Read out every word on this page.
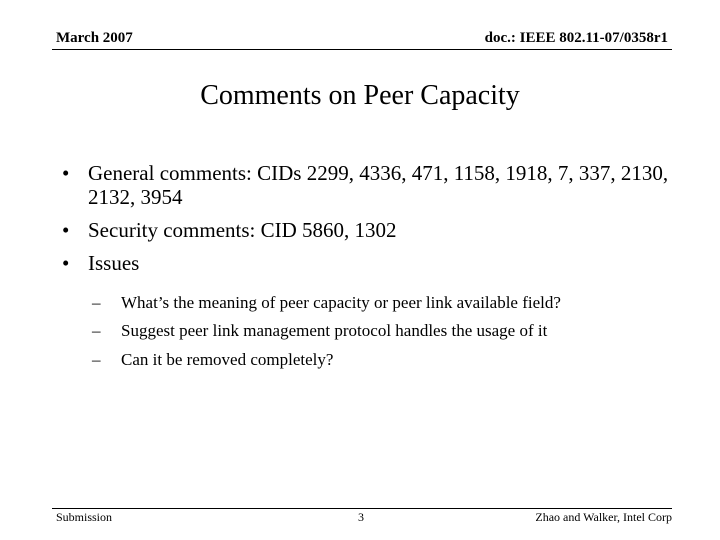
March 2007	doc.: IEEE 802.11-07/0358r1
Comments on Peer Capacity
• General comments: CIDs 2299, 4336, 471, 1158, 1918, 7, 337, 2130, 2132, 3954
• Security comments: CID 5860, 1302
• Issues
– What’s the meaning of peer capacity or peer link available field?
– Suggest peer link management protocol handles the usage of it
– Can it be removed completely?
Submission	3	Zhao and Walker, Intel Corp
